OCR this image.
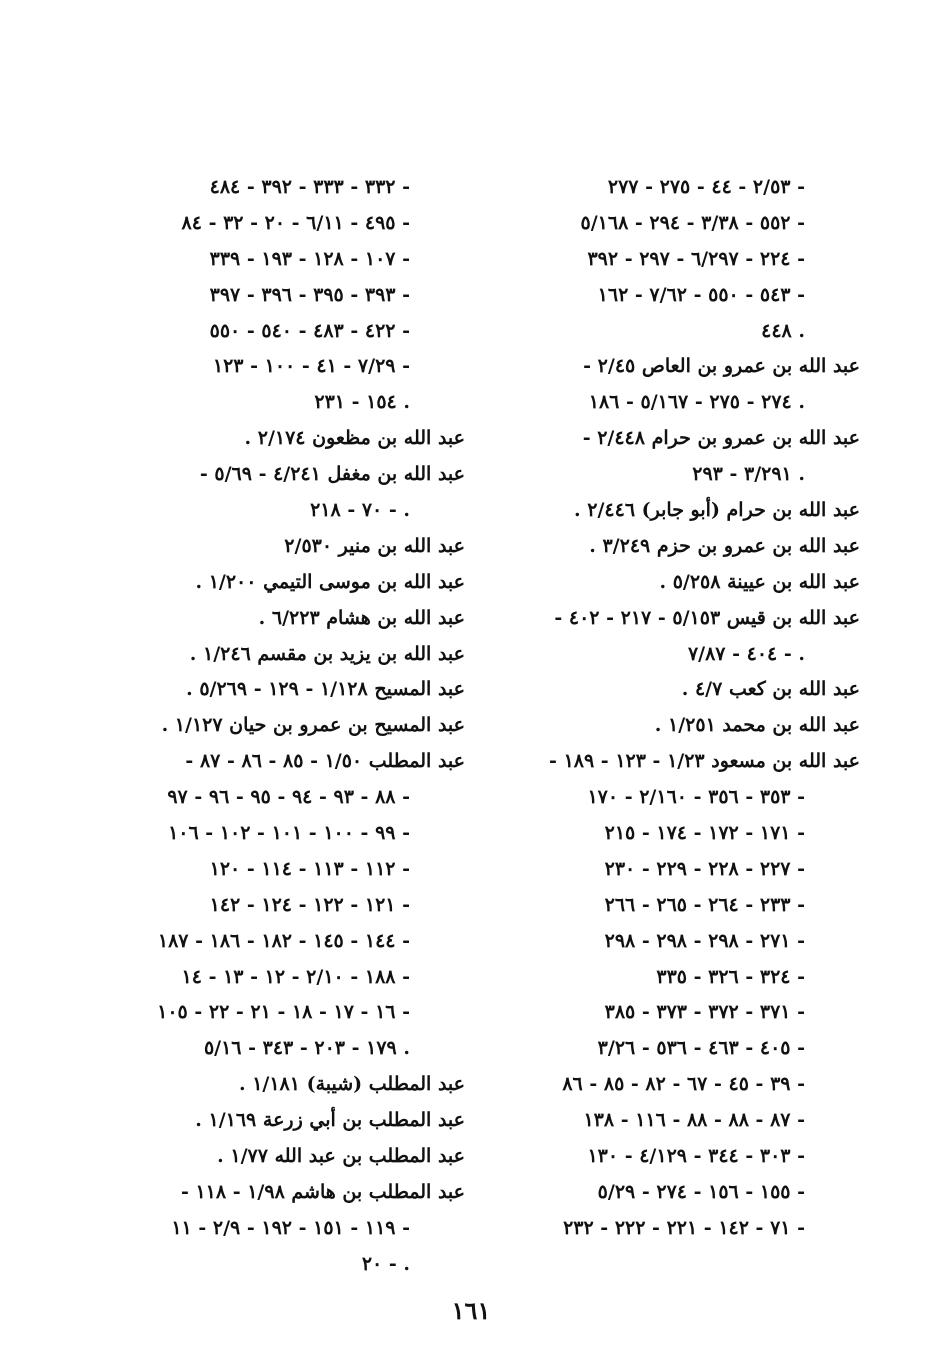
٢/٥٣ - ٤٤ - ٢٧٥ - ٢٧٧ -
٥٥٢ - ٣/٣٨ - ٢٩٤ - ٥/١٦٨ -
٢٢٤ - ٦/٢٩٧ - ٢٩٧ - ٣٩٢ -
٥٤٣ - ٥٥٠ - ٧/٦٢ - ١٦٢ -
٤٤٨ .
عبد الله بن عمرو بن العاص ٢/٤٥ -
٢٧٤ - ٢٧٥ - ٥/١٦٧ - ١٨٦ .
عبد الله بن عمرو بن حرام ٢/٤٤٨ -
٣/٢٩١ - ٢٩٣ .
عبد الله بن حرام (أبو جابر) ٢/٤٤٦ .
عبد الله بن عمرو بن حزم ٣/٢٤٩ .
عبد الله بن عيينة ٥/٢٥٨ .
عبد الله بن قيس ٥/١٥٣ - ٢١٧ - ٤٠٢ -
٤٠٤ - ٧/٨٧ - .
عبد الله بن كعب ٤/٧ .
عبد الله بن محمد ١/٢٥١ .
عبد الله بن مسعود ١/٢٣ - ١٢٣ - ١٨٩ -
٣٥٣ - ٣٥٦ - ٢/١٦٠ - ١٧٠ -
١٧١ - ١٧٢ - ١٧٤ - ٢١٥ -
٢٢٧ - ٢٢٨ - ٢٢٩ - ٢٣٠ -
٢٣٣ - ٢٦٤ - ٢٦٥ - ٢٦٦ -
٢٧١ - ٢٩٨ - ٢٩٨ - ٢٩٨ -
٣٢٤ - ٣٢٦ - ٣٣٥ -
٣٧١ - ٣٧٢ - ٣٧٣ - ٣٨٥ -
٤٠٥ - ٤٦٣ - ٥٣٦ - ٣/٢٦ -
٣٩ - ٤٥ - ٦٧ - ٨٢ - ٨٥ - ٨٦ -
٨٧ - ٨٨ - ٨٨ - ١١٦ - ١٣٨ -
٣٠٣ - ٣٤٤ - ٤/١٢٩ - ١٣٠ -
١٥٥ - ١٥٦ - ٢٧٤ - ٥/٢٩ -
٧١ - ١٤٢ - ٢٢١ - ٢٢٢ - ٢٣٢ -
٣٣٢ - ٣٣٣ - ٣٩٢ - ٤٨٤ -
٤٩٥ - ٦/١١ - ٢٠ - ٣٢ - ٨٤ -
١٠٧ - ١٢٨ - ١٩٣ - ٣٣٩ -
٣٩٣ - ٣٩٥ - ٣٩٦ - ٣٩٧ -
٤٢٢ - ٤٨٣ - ٥٤٠ - ٥٥٠ -
٧/٢٩ - ٤١ - ١٠٠ - ١٢٣ -
١٥٤ - ٢٣١ .
عبد الله بن مظعون ٢/١٧٤ .
عبد الله بن مغفل ٤/٢٤١ - ٥/٦٩ -
٧٠ - ٢١٨ - .
عبد الله بن منير ٢/٥٣٠
عبد الله بن موسى التيمي ١/٢٠٠ .
عبد الله بن هشام ٦/٢٢٣ .
عبد الله بن يزيد بن مقسم ١/٢٤٦ .
عبد المسيح ١/١٢٨ - ١٢٩ - ٥/٢٦٩ .
عبد المسيح بن عمرو بن حيان ١/١٢٧ .
عبد المطلب ١/٥٠ - ٨٥ - ٨٦ - ٨٧ -
٨٨ - ٩٣ - ٩٤ - ٩٥ - ٩٦ - ٩٧ -
٩٩ - ١٠٠ - ١٠١ - ١٠٢ - ١٠٦ -
١١٢ - ١١٣ - ١١٤ - ١٢٠ -
١٢١ - ١٢٢ - ١٢٤ - ١٤٢ -
١٤٤ - ١٤٥ - ١٨٢ - ١٨٦ - ١٨٧ -
١٨٨ - ٢/١٠ - ١٢ - ١٣ - ١٤ -
١٦ - ١٧ - ١٨ - ٢١ - ٢٢ - ١٠٥ -
١٧٩ - ٢٠٣ - ٣٤٣ - ٥/١٦ .
عبد المطلب (شيبة) ١/١٨١ .
عبد المطلب بن أبي زرعة ١/١٦٩ .
عبد المطلب بن عبد الله ١/٧٧ .
عبد المطلب بن هاشم ١/٩٨ - ١١٨ -
١١٩ - ١٥١ - ١٩٢ - ٢/٩ - ١١ -
٢٠ - .
١٦١
